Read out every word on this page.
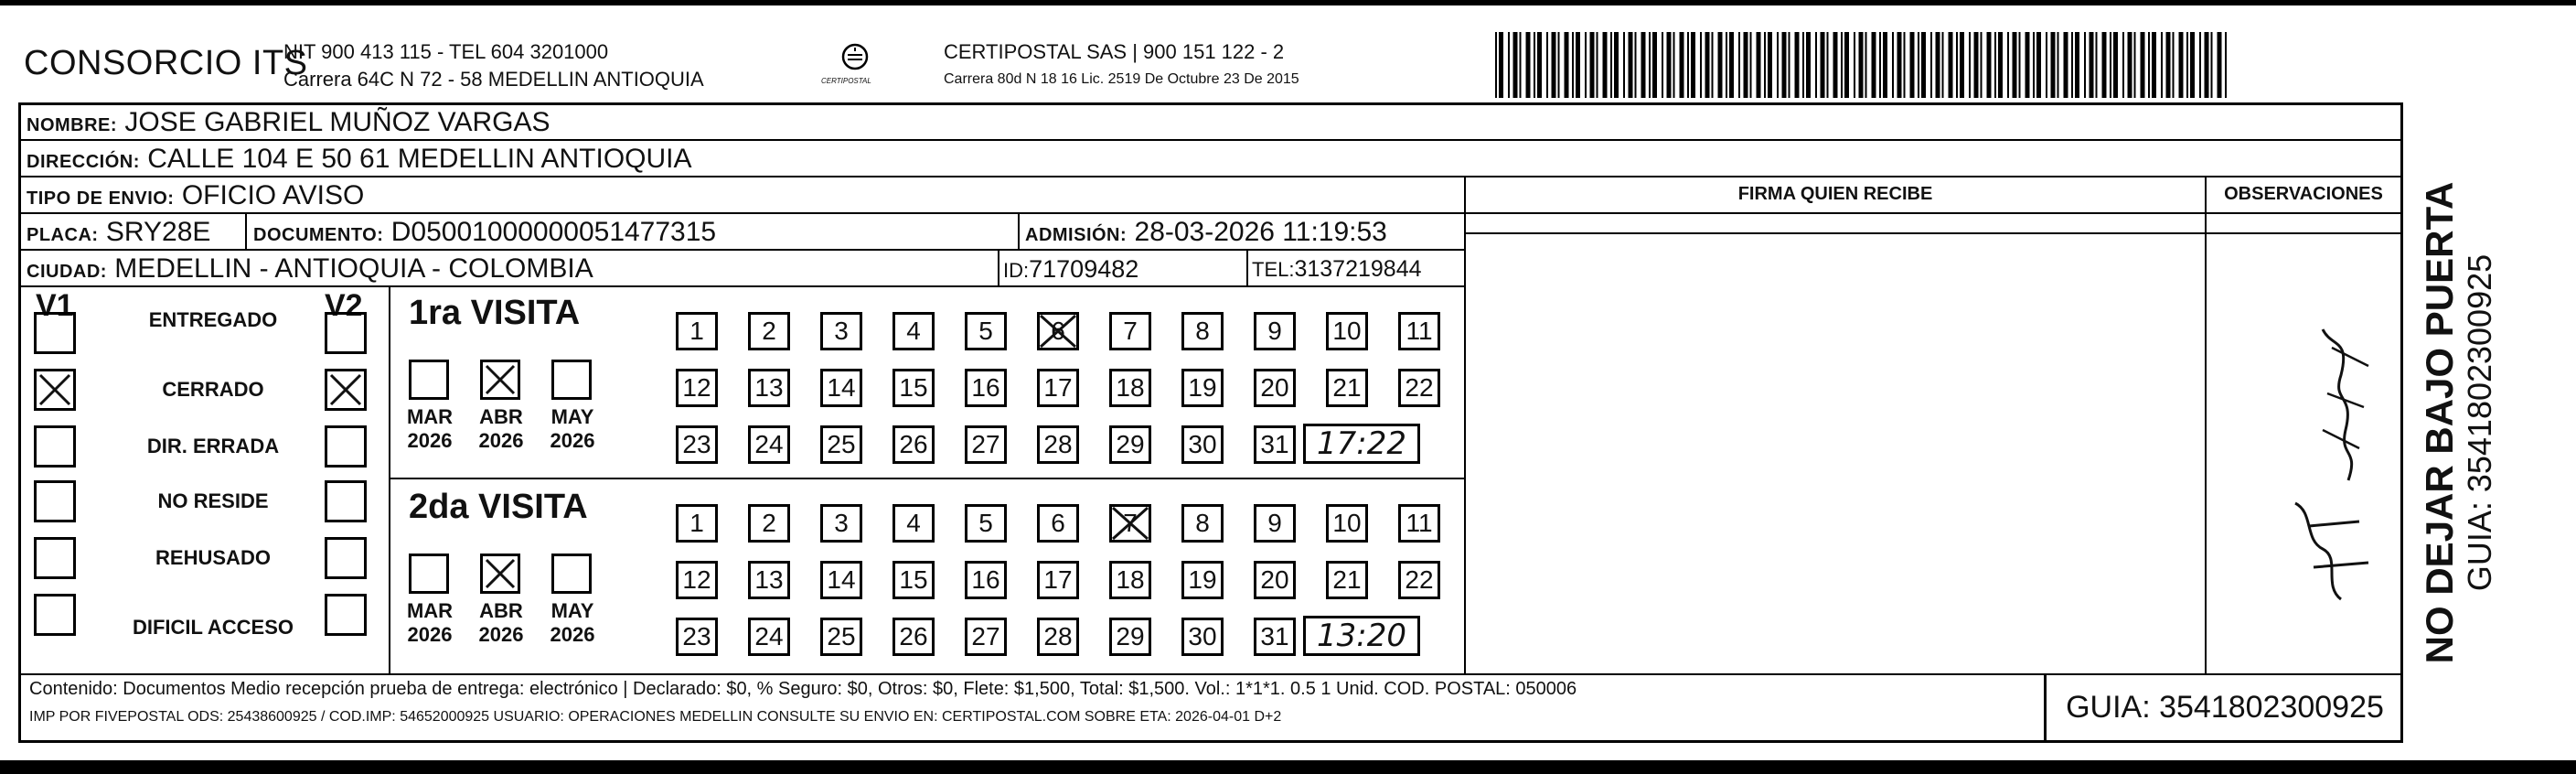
CONSORCIO ITS
NIT 900 413 115 - TEL 604 3201000
Carrera 64C N 72 - 58 MEDELLIN ANTIOQUIA	CERTIPOSTAL
CERTIPOSTAL SAS | 900 151 122 - 2
Carrera 80d N 18 16 Lic. 2519 De Octubre 23 De 2015
NOMBRE: JOSE GABRIEL MUÑOZ VARGAS
DIRECCIÓN: CALLE 104 E 50 61 MEDELLIN ANTIOQUIA
TIPO DE ENVIO: OFICIO AVISO	FIRMA QUIEN RECIBE	OBSERVACIONES
PLACA: SRY28E DOCUMENTO: D05001000000051477315	ADMISIÓN: 28-03-2026 11:19:53
CIUDAD: MEDELLIN - ANTIOQUIA - COLOMBIA	ID:71709482	TEL:3137219844
V1	V2
ENTREGADO
CERRADO
DIR. ERRADA
NO RESIDE
REHUSADO
DIFICIL ACCESO
1ra VISITA
MAR
2026
ABR
2026
MAY
2026
1	2	3	4	5	6	7	8	9	10	11
12 13 14 15 16 17 18 19 20 21 22
23 24 25 26 27 28 29 30 31 17:22
2da VISITA
MAR
2026
ABR
2026
MAY
2026
1	2	3	4	5	6	7	8	9	10	11
12 13 14 15 16 17 18 19 20 21 22
23 24 25 26 27 28 29 30 31 13:20
Contenido: Documentos Medio recepción prueba de entrega: electrónico | Declarado: $0, % Seguro: $0, Otros: $0, Flete: $1,500, Total: $1,500. Vol.: 1*1*1. 0.5 1 Unid. COD. POSTAL: 050006
IMP POR FIVEPOSTAL ODS: 25438600925 / COD.IMP: 54652000925 USUARIO: OPERACIONES MEDELLIN CONSULTE SU ENVIO EN: CERTIPOSTAL.COM SOBRE ETA: 2026-04-01 D+2	GUIA: 3541802300925
NO DEJAR BAJO PUERTA GUIA: 3541802300925
